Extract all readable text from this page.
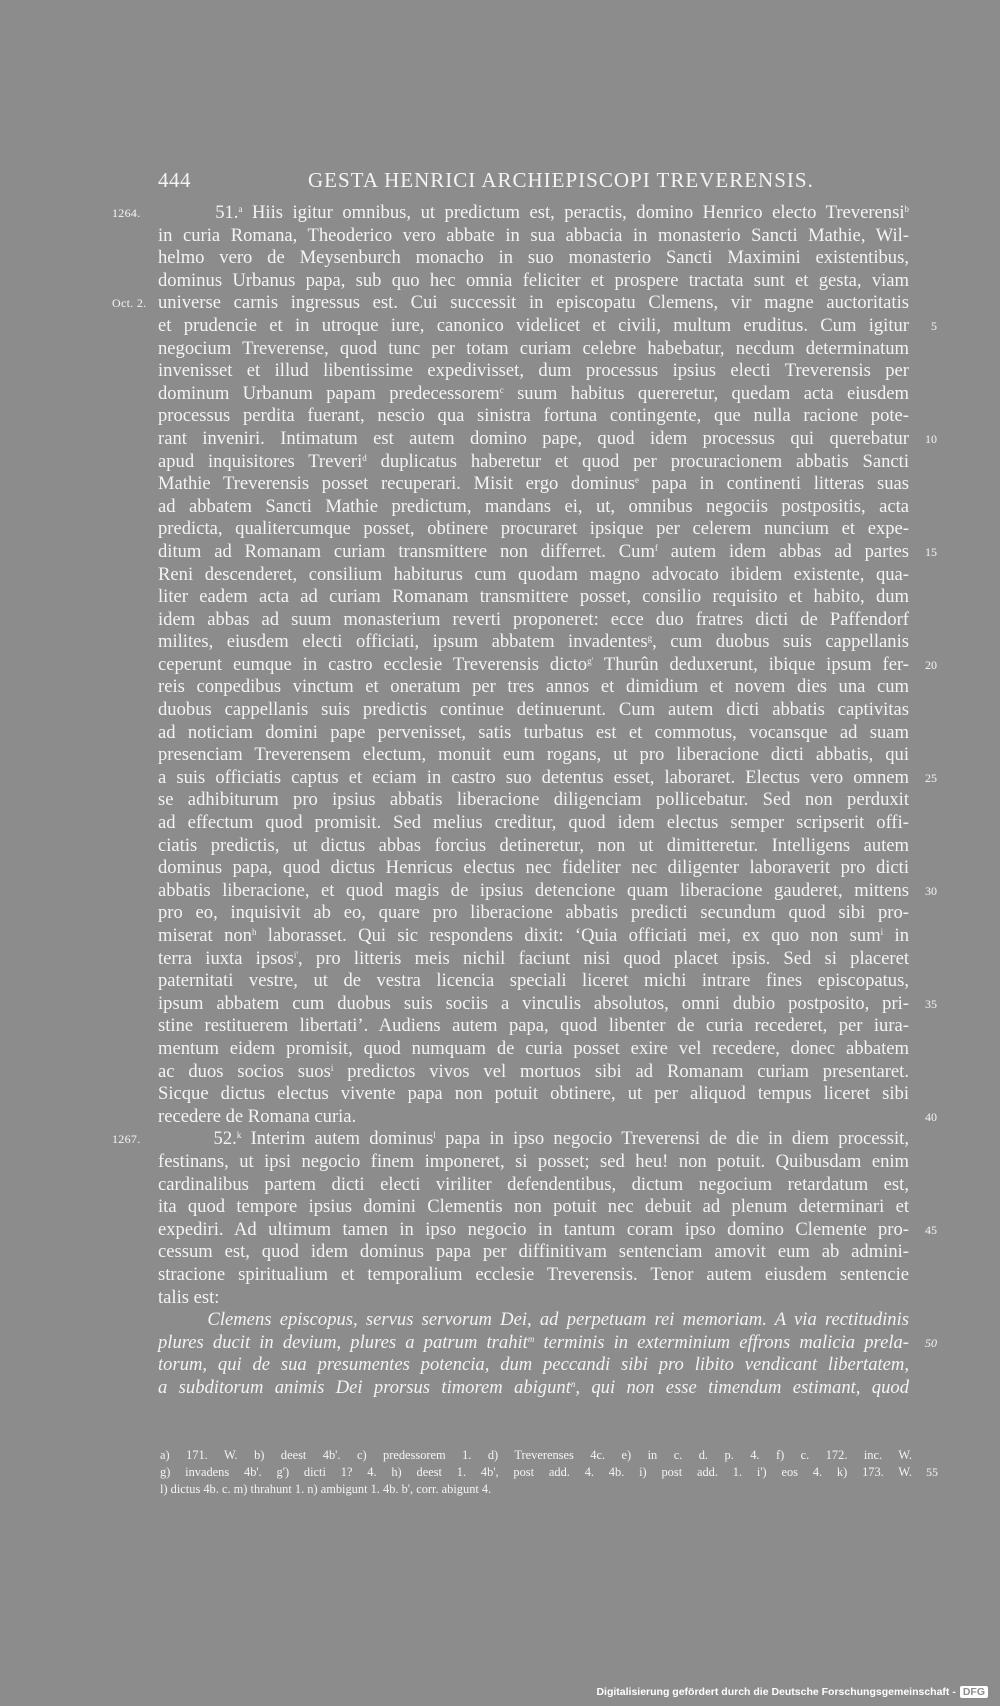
444	GESTA HENRICI ARCHIEPISCOPI TREVERENSIS.
51.$^a$ Hiis igitur omnibus, ut predictum est, peractis, domino Henrico electo Treverensi$^b$
1264.
in curia Romana, Theoderico vero abbate in sua abbacia in monasterio Sancti Mathie, Wil-
helmo vero de Meysenburch monacho in suo monasterio Sancti Maximini existentibus,
dominus Urbanus papa, sub quo hec omnia feliciter et prospere tractata sunt et gesta, viam
universe carnis ingressus est. Cui successit in episcopatu Clemens, vir magne auctoritatis
Oct. 2.
et prudencie et in utroque iure, canonico videlicet et civili, multum eruditus. Cum igitur 5
negocium Treverense, quod tunc per totam curiam celebre habebatur, necdum determinatum
invenisset et illud libentissime expedivisset, dum processus ipsius electi Treverensis per
dominum Urbanum papam predecessorem$^c$ suum habitus quereretur, quedam acta eiusdem
processus perdita fuerant, nescio qua sinistra fortuna contingente, que nulla racione pote-
rant inveniri. Intimatum est autem domino pape, quod idem processus qui querebatur 10
apud inquisitores Treveri$^d$ duplicatus haberetur et quod per procuracionem abbatis Sancti
Mathie Treverensis posset recuperari. Misit ergo dominus$^e$ papa in continenti litteras suas
ad abbatem Sancti Mathie predictum, mandans ei, ut, omnibus negociis postpositis, acta
predicta, qualitercumque posset, obtinere procuraret ipsique per celerem nuncium et expe-
ditum ad Romanam curiam transmittere non differret. Cum$^f$ autem idem abbas ad partes 15
Reni descenderet, consilium habiturus cum quodam magno advocato ibidem existente, qua-
liter eadem acta ad curiam Romanam transmittere posset, consilio requisito et habito, dum
idem abbas ad suum monasterium reverti proponeret: ecce duo fratres dicti de Paffendorf
milites, eiusdem electi officiati, ipsum abbatem invadentes$^g$, cum duobus suis cappellanis
ceperunt eumque in castro ecclesie Treverensis dicto$^{g'}$ Thurûn deduxerunt, ibique ipsum fer- 20
reis conpedibus vinctum et oneratum per tres annos et dimidium et novem dies una cum
duobus cappellanis suis predictis continue detinuerunt. Cum autem dicti abbatis captivitas
ad noticiam domini pape pervenisset, satis turbatus est et commotus, vocansque ad suam
presenciam Treverensem electum, monuit eum rogans, ut pro liberacione dicti abbatis, qui
a suis officiatis captus et eciam in castro suo detentus esset, laboraret. Electus vero omnem 25
se adhibiturum pro ipsius abbatis liberacione diligenciam pollicebatur. Sed non perduxit
ad effectum quod promisit. Sed melius creditur, quod idem electus semper scripserit offi-
ciatis predictis, ut dictus abbas forcius detineretur, non ut dimitteretur. Intelligens autem
dominus papa, quod dictus Henricus electus nec fideliter nec diligenter laboraverit pro dicti
abbatis liberacione, et quod magis de ipsius detencione quam liberacione gauderet, mittens 30
pro eo, inquisivit ab eo, quare pro liberacione abbatis predicti secundum quod sibi pro-
miserat non$^h$ laborasset. Qui sic respondens dixit: ‘Quia officiati mei, ex quo non sum$^i$ in
terra iuxta ipsos$^{i'}$, pro litteris meis nichil faciunt nisi quod placet ipsis. Sed si placeret
paternitati vestre, ut de vestra licencia speciali liceret michi intrare fines episcopatus,
ipsum abbatem cum duobus suis sociis a vinculis absolutos, omni dubio postposito, pri- 35
stine restituerem libertati’. Audiens autem papa, quod libenter de curia recederet, per iura-
mentum eidem promisit, quod numquam de curia posset exire vel recedere, donec abbatem
ac duos socios suos$^i$ predictos vivos vel mortuos sibi ad Romanam curiam presentaret.
Sicque dictus electus vivente papa non potuit obtinere, ut per aliquod tempus liceret sibi
recedere de Romana curia.	40
52.$^k$ Interim autem dominus$^l$ papa in ipso negocio Treverensi de die in diem processit,
1267.
festinans, ut ipsi negocio finem imponeret, si posset; sed heu! non potuit. Quibusdam enim
cardinalibus partem dicti electi viriliter defendentibus, dictum negocium retardatum est,
ita quod tempore ipsius domini Clementis non potuit nec debuit ad plenum determinari et
expediri. Ad ultimum tamen in ipso negocio in tantum coram ipso domino Clemente pro- 45
cessum est, quod idem dominus papa per diffinitivam sentenciam amovit eum ab admini-
stracione spiritualium et temporalium ecclesie Treverensis. Tenor autem eiusdem sentencie
talis est:
Clemens episcopus, servus servorum Dei, ad perpetuam rei memoriam. A via rectitudinis
plures ducit in devium, plures a patrum trahit$^m$ terminis in exterminium effrons malicia prela- 50
torum, qui de sua presumentes potencia, dum peccandi sibi pro libito vendicant libertatem,
a subditorum animis Dei prorsus timorem abigunt$^n$, qui non esse timendum estimant, quod
a) 171. W. b) deest 4b'. c) predessorem 1. d) Treverenses 4c. e) in c. d. p. 4. f) c. 172. inc. W.
g) invadens 4b'. g') dicti 1? 4. h) deest 1. 4b', post add. 4. 4b. i) post add. 1. i') eos 4. k) 173. W. 55
l) dictus 4b. c. m) thrahunt 1. n) ambigunt 1. 4b. b', corr. abigunt 4.
Digitalisierung gefördert durch die Deutsche Forschungsgemeinschaft - DFG
